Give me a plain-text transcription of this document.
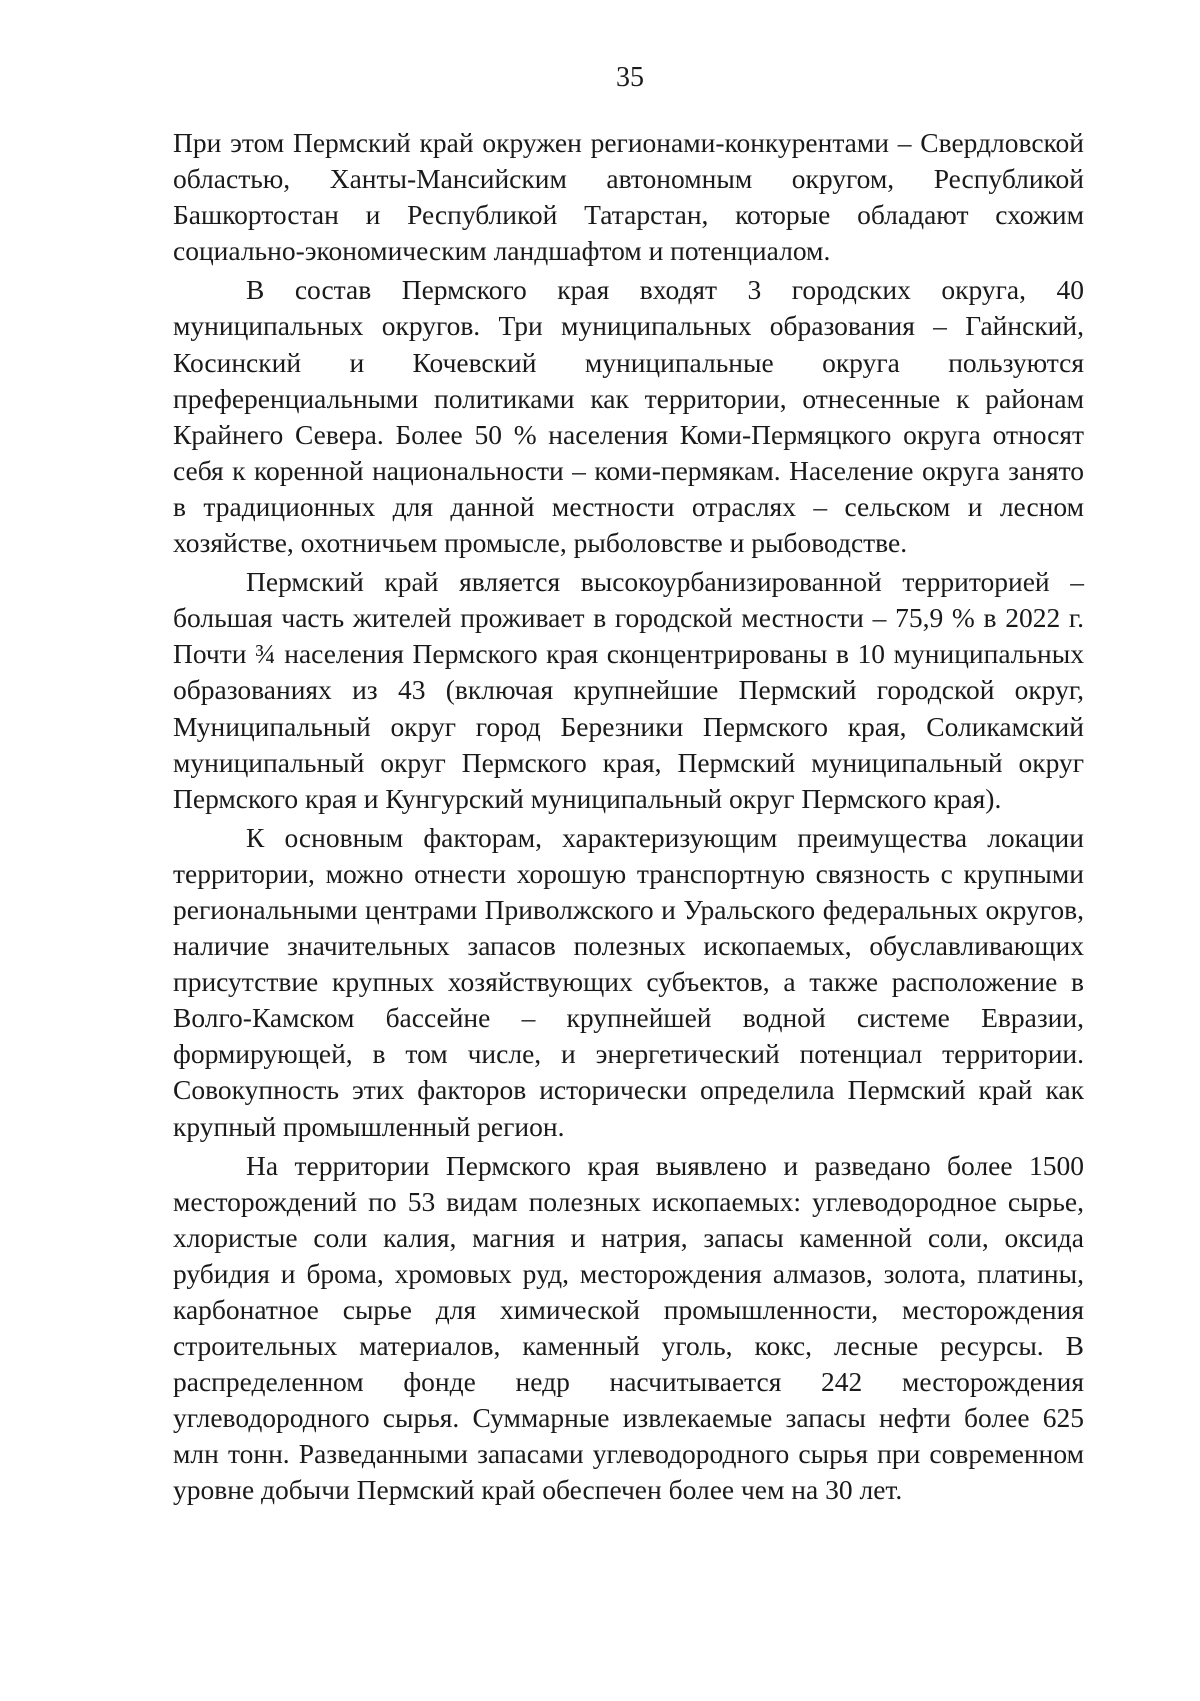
35

При этом Пермский край окружен регионами-конкурентами – Свердловской областью, Ханты-Мансийским автономным округом, Республикой Башкортостан и Республикой Татарстан, которые обладают схожим социально-экономическим ландшафтом и потенциалом.

В состав Пермского края входят 3 городских округа, 40 муниципальных округов. Три муниципальных образования – Гайнский, Косинский и Кочевский муниципальные округа пользуются преференциальными политиками как территории, отнесенные к районам Крайнего Севера. Более 50 % населения Коми-Пермяцкого округа относят себя к коренной национальности – коми-пермякам. Население округа занято в традиционных для данной местности отраслях – сельском и лесном хозяйстве, охотничьем промысле, рыболовстве и рыбоводстве.

Пермский край является высокоурбанизированной территорией – большая часть жителей проживает в городской местности – 75,9 % в 2022 г. Почти ¾ населения Пермского края сконцентрированы в 10 муниципальных образованиях из 43 (включая крупнейшие Пермский городской округ, Муниципальный округ город Березники Пермского края, Соликамский муниципальный округ Пермского края, Пермский муниципальный округ Пермского края и Кунгурский муниципальный округ Пермского края).

К основным факторам, характеризующим преимущества локации территории, можно отнести хорошую транспортную связность с крупными региональными центрами Приволжского и Уральского федеральных округов, наличие значительных запасов полезных ископаемых, обуславливающих присутствие крупных хозяйствующих субъектов, а также расположение в Волго-Камском бассейне – крупнейшей водной системе Евразии, формирующей, в том числе, и энергетический потенциал территории. Совокупность этих факторов исторически определила Пермский край как крупный промышленный регион.

На территории Пермского края выявлено и разведано более 1500 месторождений по 53 видам полезных ископаемых: углеводородное сырье, хлористые соли калия, магния и натрия, запасы каменной соли, оксида рубидия и брома, хромовых руд, месторождения алмазов, золота, платины, карбонатное сырье для химической промышленности, месторождения строительных материалов, каменный уголь, кокс, лесные ресурсы. В распределенном фонде недр насчитывается 242 месторождения углеводородного сырья. Суммарные извлекаемые запасы нефти более 625 млн тонн. Разведанными запасами углеводородного сырья при современном уровне добычи Пермский край обеспечен более чем на 30 лет.
